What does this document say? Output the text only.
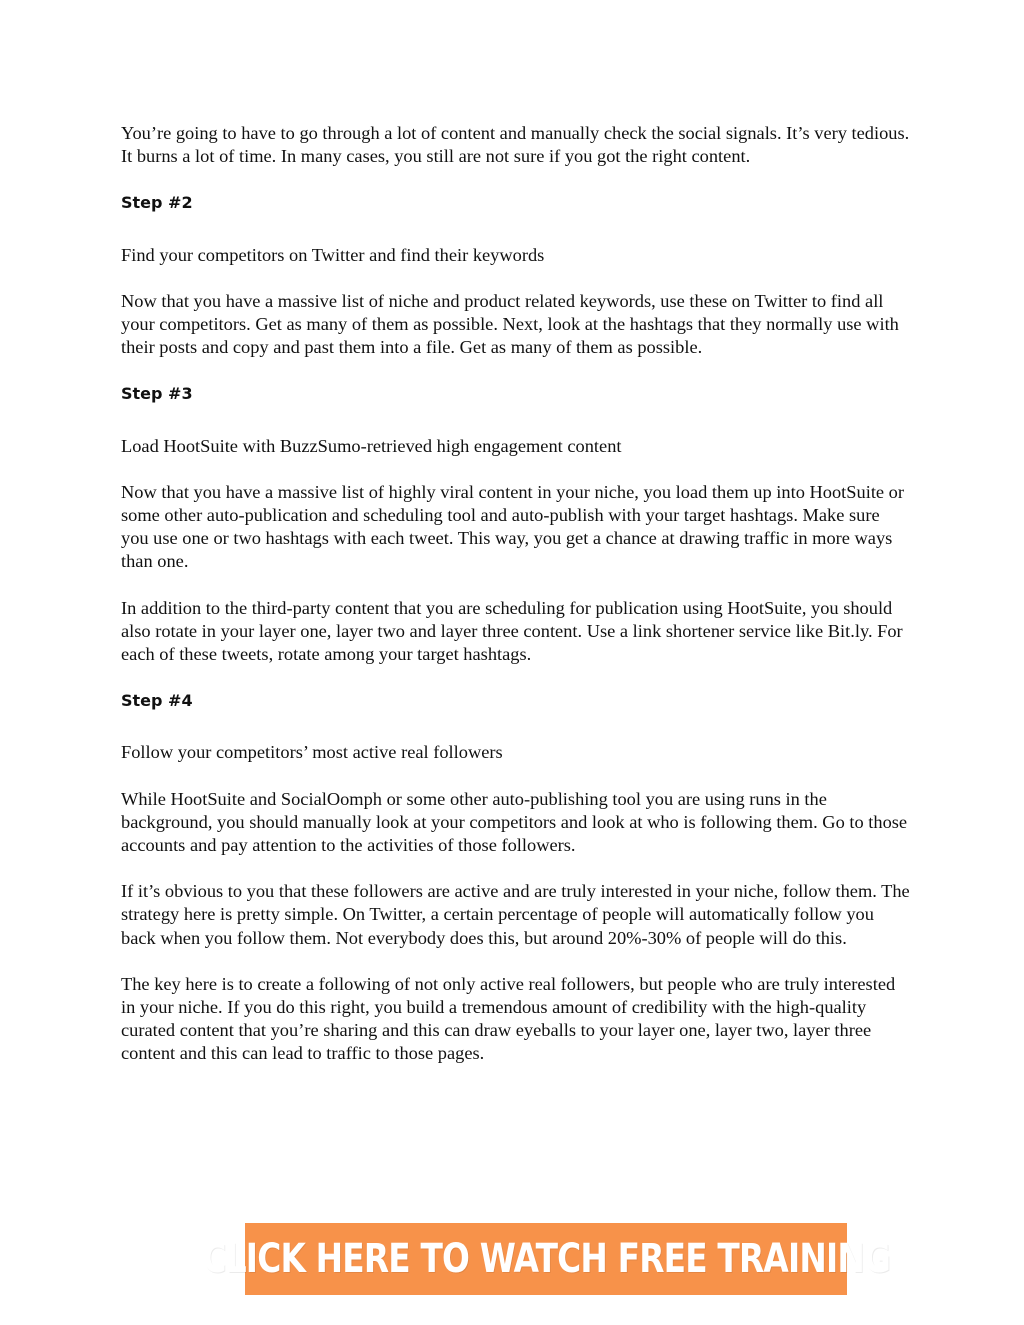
You’re going to have to go through a lot of content and manually check the social signals. It’s very tedious. It burns a lot of time. In many cases, you still are not sure if you got the right content.

Step #2

Find your competitors on Twitter and find their keywords

Now that you have a massive list of niche and product related keywords, use these on Twitter to find all your competitors. Get as many of them as possible. Next, look at the hashtags that they normally use with their posts and copy and past them into a file. Get as many of them as possible.

Step #3

Load HootSuite with BuzzSumo-retrieved high engagement content

Now that you have a massive list of highly viral content in your niche, you load them up into HootSuite or some other auto-publication and scheduling tool and auto-publish with your target hashtags. Make sure you use one or two hashtags with each tweet. This way, you get a chance at drawing traffic in more ways than one.

In addition to the third-party content that you are scheduling for publication using HootSuite, you should also rotate in your layer one, layer two and layer three content. Use a link shortener service like Bit.ly. For each of these tweets, rotate among your target hashtags.

Step #4

Follow your competitors’ most active real followers

While HootSuite and SocialOomph or some other auto-publishing tool you are using runs in the background, you should manually look at your competitors and look at who is following them. Go to those accounts and pay attention to the activities of those followers.

If it’s obvious to you that these followers are active and are truly interested in your niche, follow them. The strategy here is pretty simple. On Twitter, a certain percentage of people will automatically follow you back when you follow them. Not everybody does this, but around 20%-30% of people will do this.

The key here is to create a following of not only active real followers, but people who are truly interested in your niche. If you do this right, you build a tremendous amount of credibility with the high-quality curated content that you’re sharing and this can draw eyeballs to your layer one, layer two, layer three content and this can lead to traffic to those pages.

CLICK HERE TO WATCH FREE TRAINING
